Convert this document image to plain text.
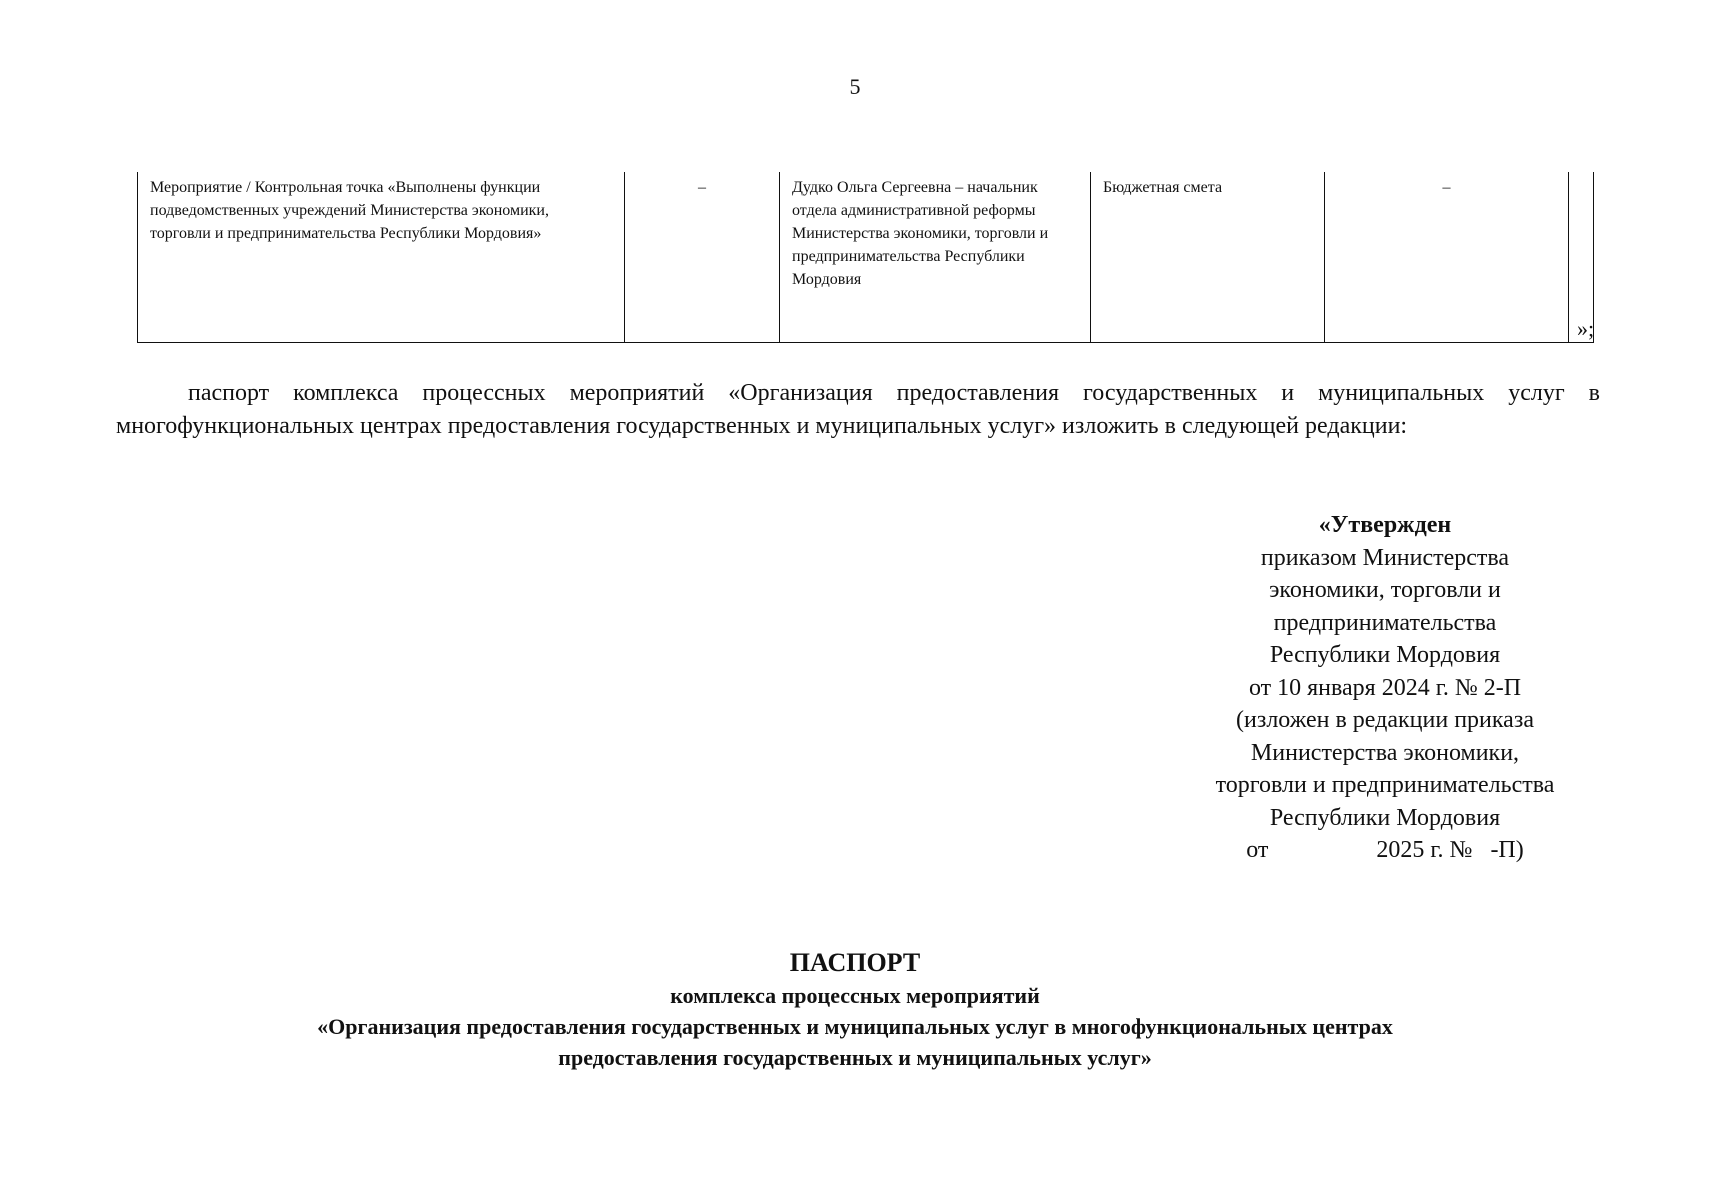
5
Мероприятие / Контрольная точка «Выполнены функции подведомственных учреждений Министерства экономики, торговли и предпринимательства Республики Мордовия»	–	Дудко Ольга Сергеевна – начальник отдела административной реформы Министерства экономики, торговли и предпринимательства Республики Мордовия	Бюджетная смета	–	
»;

паспорт комплекса процессных мероприятий «Организация предоставления государственных и муниципальных услуг в многофункциональных центрах предоставления государственных и муниципальных услуг» изложить в следующей редакции:

«Утвержден
приказом Министерства
экономики, торговли и
предпринимательства
Республики Мордовия
от 10 января 2024 г. № 2-П
(изложен в редакции приказа
Министерства экономики,
торговли и предпринимательства
Республики Мордовия
от                  2025 г. №   -П)
ПАСПОРТ
комплекса процессных мероприятий
«Организация предоставления государственных и муниципальных услуг в многофункциональных центрах
предоставления государственных и муниципальных услуг»
